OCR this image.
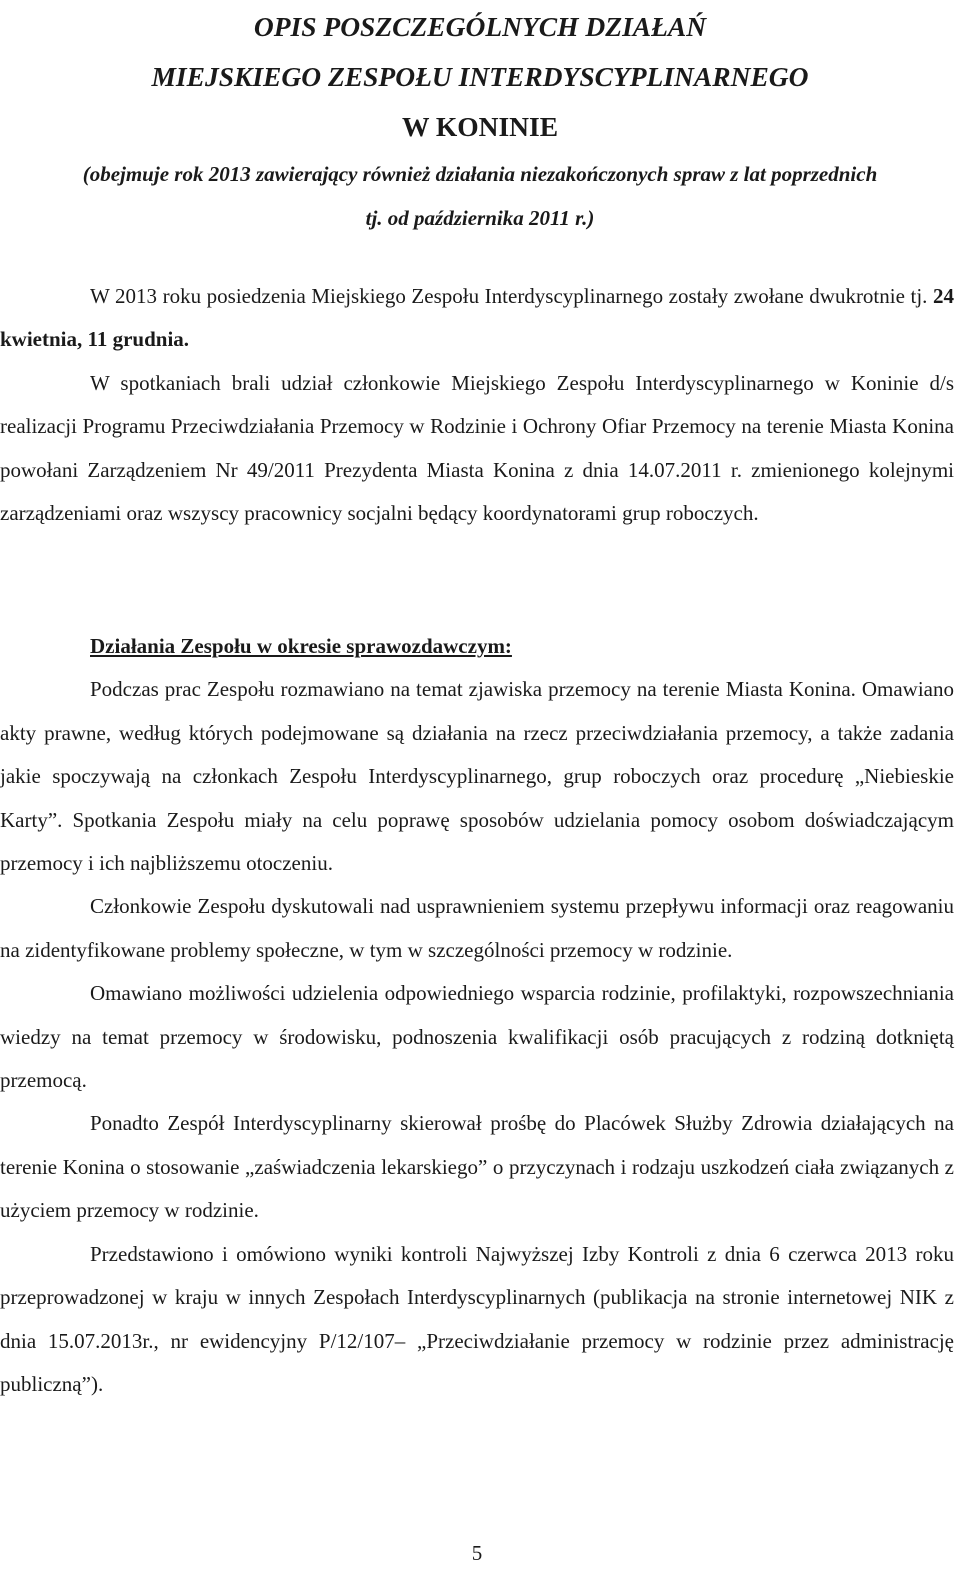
OPIS POSZCZEGÓLNYCH DZIAŁAŃ
MIEJSKIEGO ZESPOŁU INTERDYSCYPLINARNEGO
W KONINIE

(obejmuje rok 2013 zawierający również działania niezakończonych spraw z lat poprzednich
tj. od października 2011 r.)

W 2013 roku posiedzenia Miejskiego Zespołu Interdyscyplinarnego zostały zwołane dwukrotnie tj. 24 kwietnia, 11 grudnia.

W spotkaniach brali udział członkowie Miejskiego Zespołu Interdyscyplinarnego w Koninie d/s realizacji Programu Przeciwdziałania Przemocy w Rodzinie i Ochrony Ofiar Przemocy na terenie Miasta Konina powołani Zarządzeniem Nr 49/2011 Prezydenta Miasta Konina z dnia 14.07.2011 r. zmienionego kolejnymi zarządzeniami oraz wszyscy pracownicy socjalni będący koordynatorami grup roboczych.

Działania Zespołu w okresie sprawozdawczym:

Podczas prac Zespołu rozmawiano na temat zjawiska przemocy na terenie Miasta Konina. Omawiano akty prawne, według których podejmowane są działania na rzecz przeciwdziałania przemocy, a także zadania jakie spoczywają na członkach Zespołu Interdyscyplinarnego, grup roboczych oraz procedurę „Niebieskie Karty”. Spotkania Zespołu miały na celu poprawę sposobów udzielania pomocy osobom doświadczającym przemocy i ich najbliższemu otoczeniu.

Członkowie Zespołu dyskutowali nad usprawnieniem systemu przepływu informacji oraz reagowaniu na zidentyfikowane problemy społeczne, w tym w szczególności przemocy w rodzinie.

Omawiano możliwości udzielenia odpowiedniego wsparcia rodzinie, profilaktyki, rozpowszechniania wiedzy na temat przemocy w środowisku, podnoszenia kwalifikacji osób pracujących z rodziną dotkniętą przemocą.

Ponadto Zespół Interdyscyplinarny skierował prośbę do Placówek Służby Zdrowia działających na terenie Konina o stosowanie „zaświadczenia lekarskiego” o przyczynach i rodzaju uszkodzeń ciała związanych z użyciem przemocy w rodzinie.

Przedstawiono i omówiono wyniki kontroli Najwyższej Izby Kontroli z dnia 6 czerwca 2013 roku przeprowadzonej w kraju w innych Zespołach Interdyscyplinarnych (publikacja na stronie internetowej NIK z dnia 15.07.2013r., nr ewidencyjny P/12/107– „Przeciwdziałanie przemocy w rodzinie przez administrację publiczną”).

5
